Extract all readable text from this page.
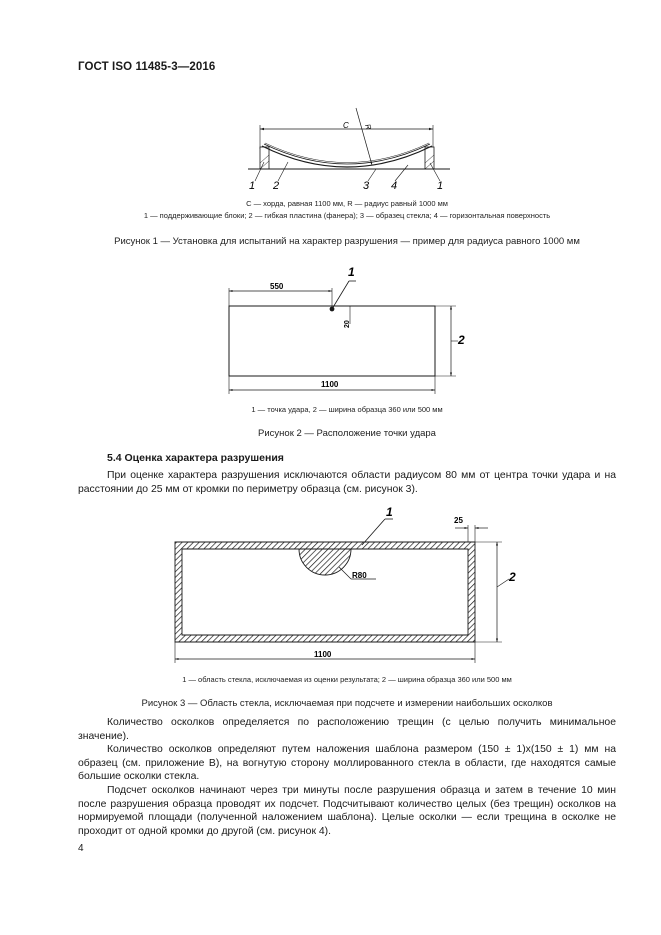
ГОСТ ISO 11485-3—2016
C R
1 2	3 4	1
C — хорда, равная 1100 мм, R — радиус равный 1000 мм
1 — поддерживающие блоки; 2 — гибкая пластина (фанера); 3 — образец стекла; 4 — горизонтальная поверхность
Рисунок 1 — Установка для испытаний на характер разрушения — пример для радиуса равного 1000 мм
550
1
20
2
1100
1 — точка удара, 2 — ширина образца 360 или 500 мм
Рисунок 2 — Расположение точки удара
5.4 Оценка характера разрушения

При оценке характера разрушения исключаются области радиусом 80 мм от центра точки удара и на расстоянии до 25 мм от кромки по периметру образца (см. рисунок 3).

1
R80
25
2
1100
1 — область стекла, исключаемая из оценки результата; 2 — ширина образца 360 или 500 мм
Рисунок 3 — Область стекла, исключаемая при подсчете и измерении наибольших осколков

Количество осколков определяется по расположению трещин (с целью получить минимальное значение).

Количество осколков определяют путем наложения шаблона размером (150 ± 1)x(150 ± 1) мм на образец (см. приложение В), на вогнутую сторону моллированного стекла в области, где находятся самые большие осколки стекла.

Подсчет осколков начинают через три минуты после разрушения образца и затем в течение 10 мин после разрушения образца проводят их подсчет. Подсчитывают количество целых (без трещин) осколков на нормируемой площади (полученной наложением шаблона). Целые осколки — если трещина в осколке не проходит от одной кромки до другой (см. рисунок 4).

4
